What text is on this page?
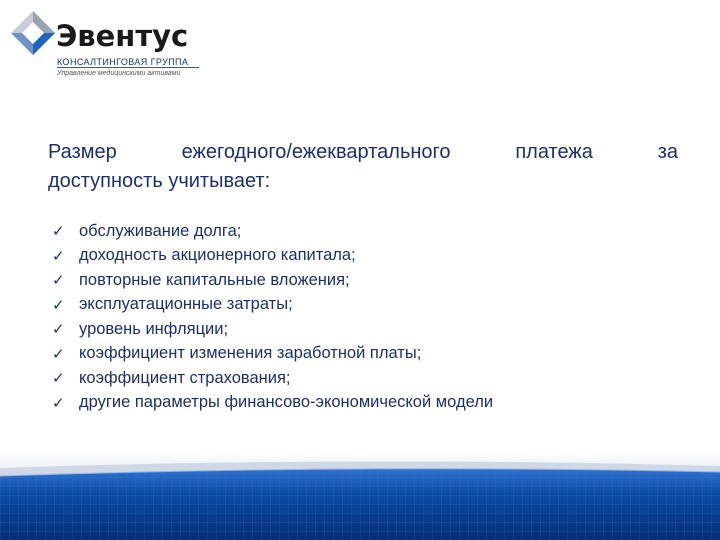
Эвентус
КОНСАЛТИНГОВАЯ ГРУППА
Управление медицинскими активами
Размер	ежегодного/ежеквартального	платежа	за
доступность учитывает:
✓ обслуживание долга;
✓ доходность акционерного капитала;
✓ повторные капитальные вложения;
✓ эксплуатационные затраты;
✓ уровень инфляции;
✓ коэффициент изменения заработной платы;
✓ коэффициент страхования;
✓ другие параметры финансово-экономической модели
